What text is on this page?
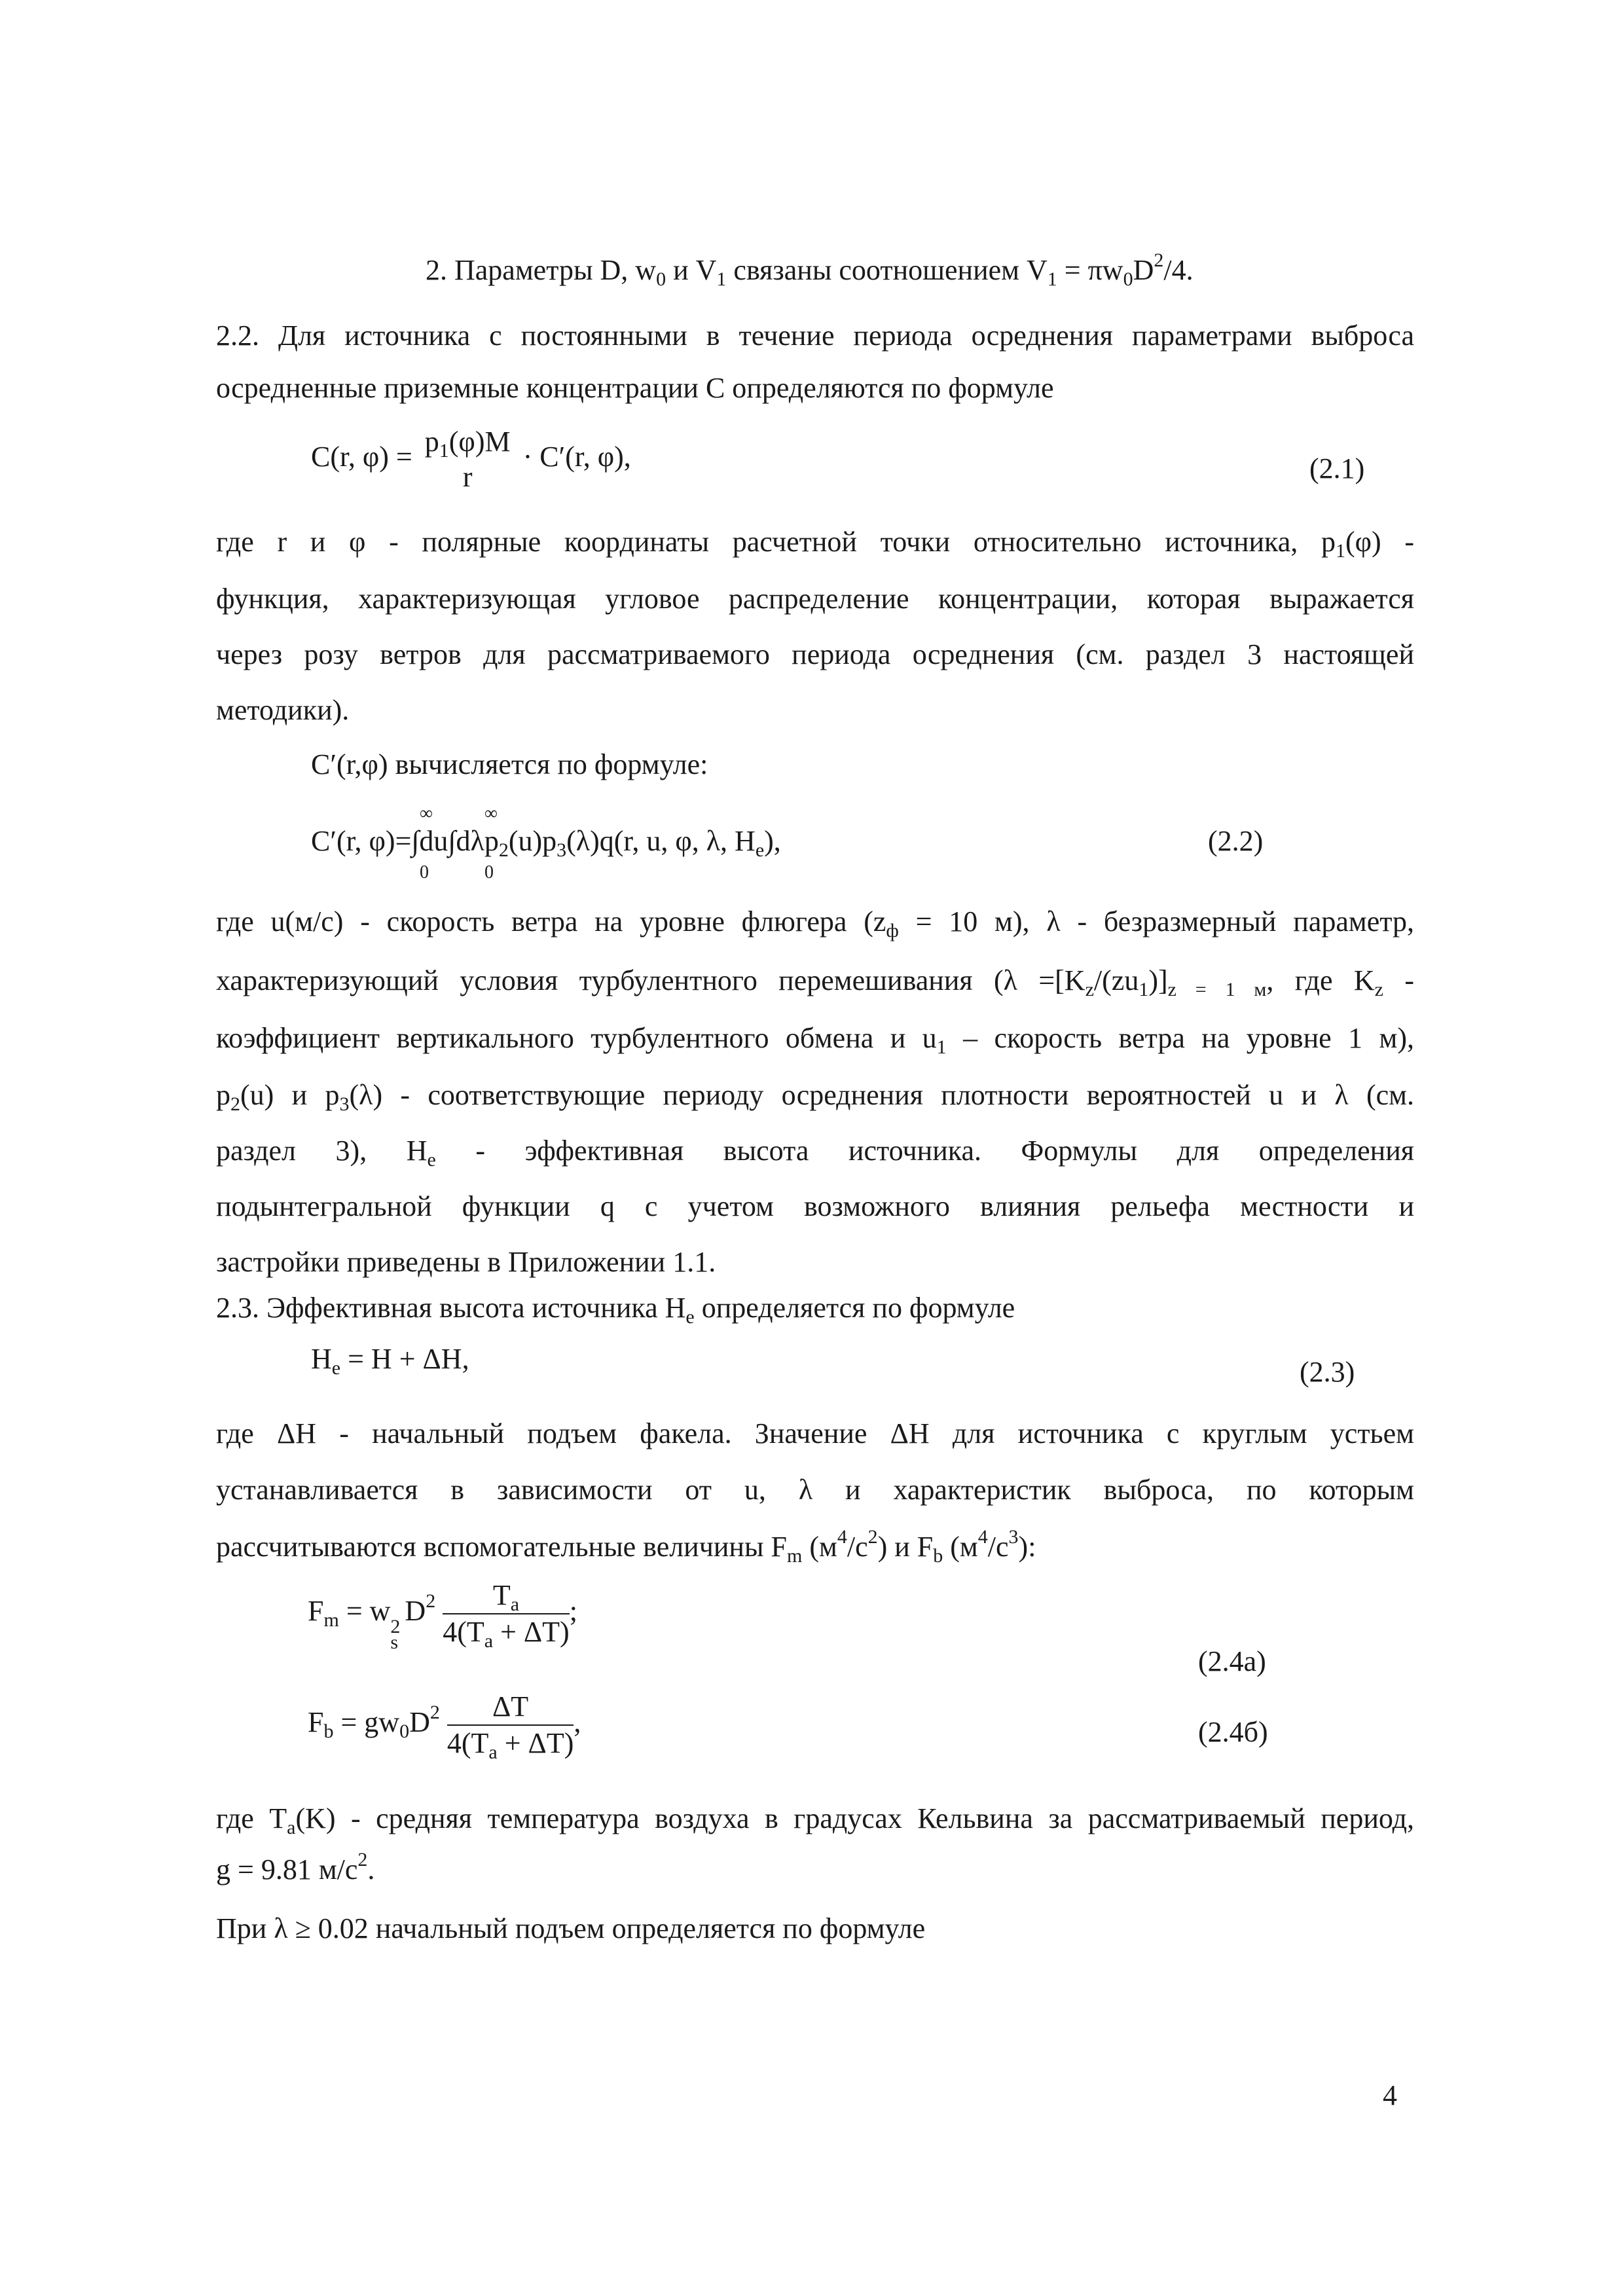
2. Параметры D, $w_0$ и $V_1$ связаны соотношением $V_1 = \pi w_0D^2/4$.
2.2. Для источника с постоянными в течение периода осреднения параметрами выброса
осредненные приземные концентрации C определяются по формуле
C(r, $\varphi) = p_1(\varphi)M$
r
· C′(r, φ),	(2.1)
где r и φ - полярные координаты расчетной точки относительно источника, $p_1(\varphi)$ -
функция, характеризующая угловое распределение концентрации, которая выражается
через розу ветров для рассматриваемого периода осреднения (см. раздел 3 настоящей
методики).
C′(r,φ) вычисляется по формуле:
∞	∞
C′(r, $\varphi)=\int du\int d\lambda p_2(u)p_3(\lambda)q(r$, u, φ, λ, $H_e$),
0	0
(2.2)
где u(м/с) - скорость ветра на уровне флюгера ($z_ф = 10$ м), λ - безразмерный параметр,
характеризующий условия турбулентного перемешивания ($\lambda =[K_z/(zu_1)]_{z = 1 м}$, где $K_z$ -
коэффициент вертикального турбулентного обмена и $u_1$ – скорость ветра на уровне 1 м),
$p_2(u)$ и $p_3(\lambda)$ - соответствующие периоду осреднения плотности вероятностей u и λ (см.
раздел 3), $H_e$ - эффективная высота источника. Формулы для определения
подынтегральной функции q с учетом возможного влияния рельефа местности и
застройки приведены в Приложении 1.1.
2.3. Эффективная высота источника $H_e$ определяется по формуле
$H_e = H + \Delta H$,	(2.3)
где ΔH - начальный подъем факела. Значение ΔH для источника с круглым устьем
устанавливается в зависимости от u, λ и характеристик выброса, по которым
рассчитываются вспомогательные величины $F_m$ $(м^4/с^2)$ и $F_b$ $(м^4/с^3)$:
$F_m = w$ 2
s
$D^2 \frac{T_a}{4(T_a + \Delta T)}$ ;
(2.4a)
$F_b = gw_0D^2 \frac{\Delta T}{4(T_a + \Delta T)}$ ,	(2.4б)
где $T_a(K)$ - средняя температура воздуха в градусах Кельвина за рассматриваемый период,
g = 9.81 $м/с^2$.
При λ ≥ 0.02 начальный подъем определяется по формуле
4
